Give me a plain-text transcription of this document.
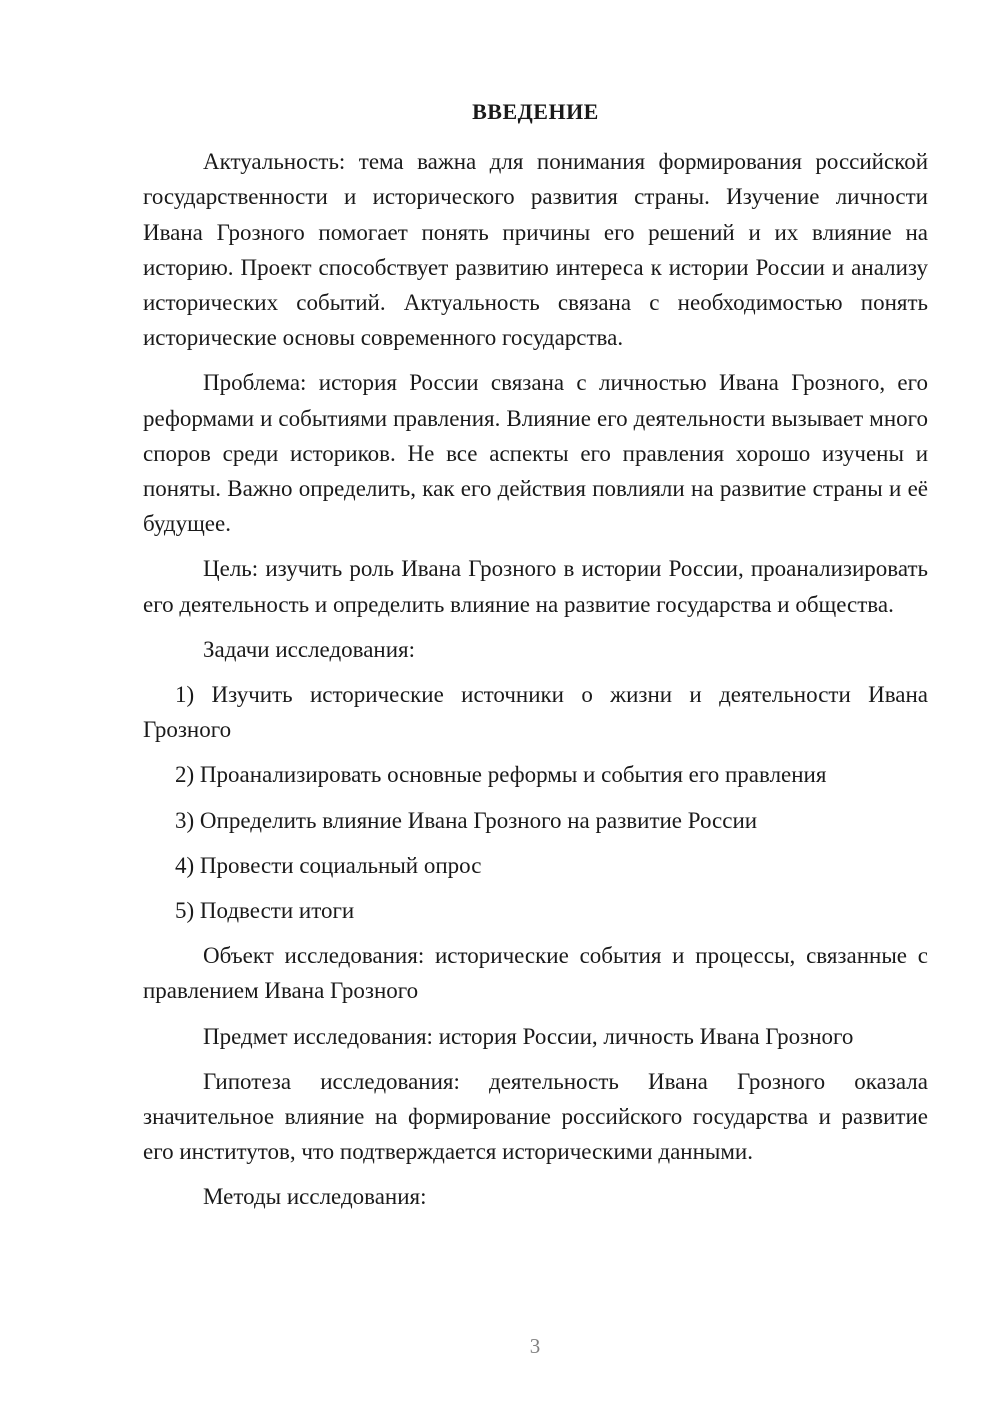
ВВЕДЕНИЕ

Актуальность: тема важна для понимания формирования российской государственности и исторического развития страны. Изучение личности Ивана Грозного помогает понять причины его решений и их влияние на историю. Проект способствует развитию интереса к истории России и анализу исторических событий. Актуальность связана с необходимостью понять исторические основы современного государства.

Проблема: история России связана с личностью Ивана Грозного, его реформами и событиями правления. Влияние его деятельности вызывает много споров среди историков. Не все аспекты его правления хорошо изучены и поняты. Важно определить, как его действия повлияли на развитие страны и её будущее.

Цель: изучить роль Ивана Грозного в истории России, проанализировать его деятельность и определить влияние на развитие государства и общества.

Задачи исследования:

1) Изучить исторические источники о жизни и деятельности Ивана Грозного

2) Проанализировать основные реформы и события его правления

3) Определить влияние Ивана Грозного на развитие России

4) Провести социальный опрос

5) Подвести итоги

Объект исследования: исторические события и процессы, связанные с правлением Ивана Грозного

Предмет исследования: история России, личность Ивана Грозного

Гипотеза исследования: деятельность Ивана Грозного оказала значительное влияние на формирование российского государства и развитие его институтов, что подтверждается историческими данными.

Методы исследования:

3
